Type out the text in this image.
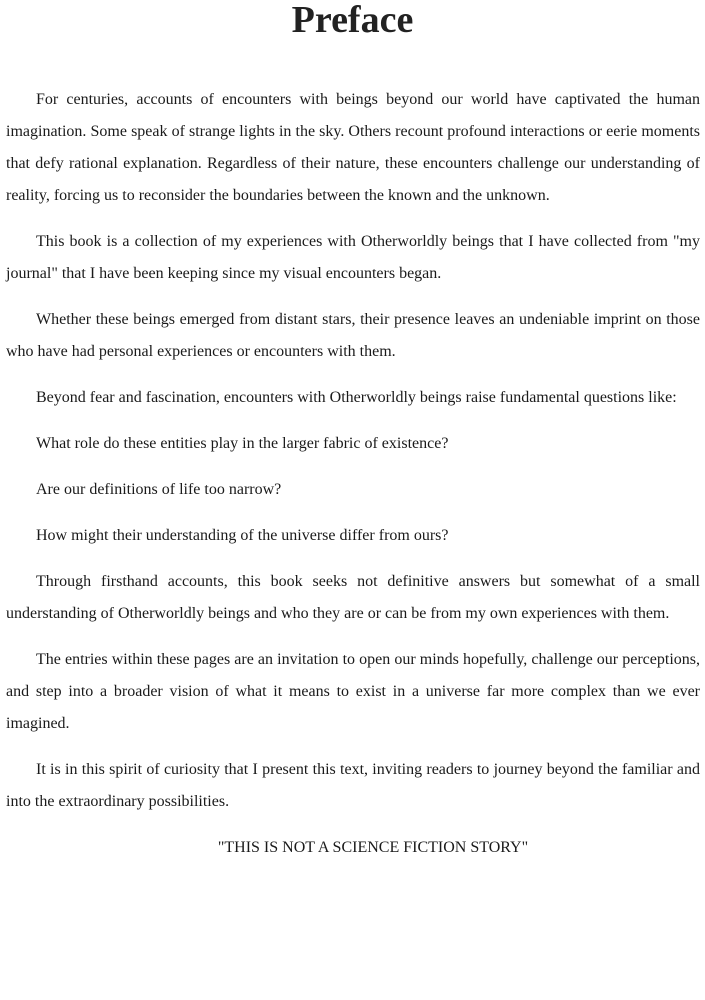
Preface

For centuries, accounts of encounters with beings beyond our world have captivated the human imagination. Some speak of strange lights in the sky. Others recount profound interactions or eerie moments that defy rational explanation. Regardless of their nature, these encounters challenge our understanding of reality, forcing us to reconsider the boundaries between the known and the unknown.

This book is a collection of my experiences with Otherworldly beings that I have collected from "my journal" that I have been keeping since my visual encounters began.

Whether these beings emerged from distant stars, their presence leaves an undeniable imprint on those who have had personal experiences or encounters with them.

Beyond fear and fascination, encounters with Otherworldly beings raise fundamental questions like:

What role do these entities play in the larger fabric of existence?

Are our definitions of life too narrow?

How might their understanding of the universe differ from ours?

Through firsthand accounts, this book seeks not definitive answers but somewhat of a small understanding of Otherworldly beings and who they are or can be from my own experiences with them.

The entries within these pages are an invitation to open our minds hopefully, challenge our perceptions, and step into a broader vision of what it means to exist in a universe far more complex than we ever imagined.

It is in this spirit of curiosity that I present this text, inviting readers to journey beyond the familiar and into the extraordinary possibilities.

"THIS IS NOT A SCIENCE FICTION STORY"
